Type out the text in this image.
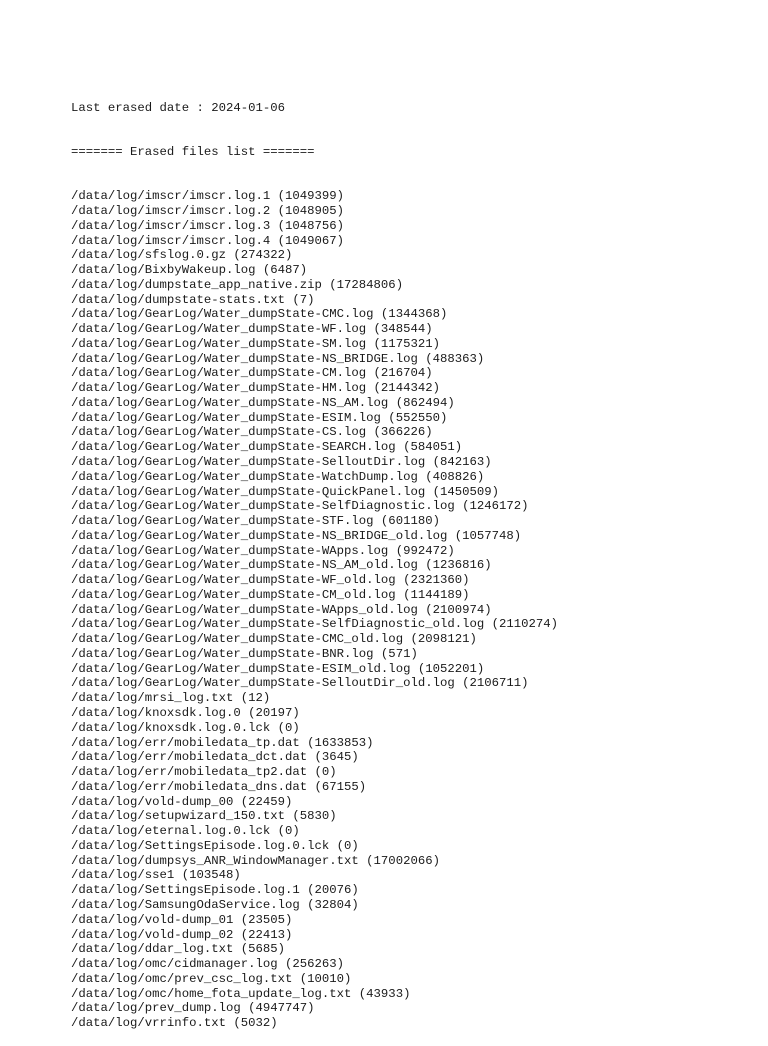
Last erased date : 2024-01-06

======= Erased files list =======

/data/log/imscr/imscr.log.1 (1049399)
/data/log/imscr/imscr.log.2 (1048905)
/data/log/imscr/imscr.log.3 (1048756)
/data/log/imscr/imscr.log.4 (1049067)
/data/log/sfslog.0.gz (274322)
/data/log/BixbyWakeup.log (6487)
/data/log/dumpstate_app_native.zip (17284806)
/data/log/dumpstate-stats.txt (7)
/data/log/GearLog/Water_dumpState-CMC.log (1344368)
/data/log/GearLog/Water_dumpState-WF.log (348544)
/data/log/GearLog/Water_dumpState-SM.log (1175321)
/data/log/GearLog/Water_dumpState-NS_BRIDGE.log (488363)
/data/log/GearLog/Water_dumpState-CM.log (216704)
/data/log/GearLog/Water_dumpState-HM.log (2144342)
/data/log/GearLog/Water_dumpState-NS_AM.log (862494)
/data/log/GearLog/Water_dumpState-ESIM.log (552550)
/data/log/GearLog/Water_dumpState-CS.log (366226)
/data/log/GearLog/Water_dumpState-SEARCH.log (584051)
/data/log/GearLog/Water_dumpState-SelloutDir.log (842163)
/data/log/GearLog/Water_dumpState-WatchDump.log (408826)
/data/log/GearLog/Water_dumpState-QuickPanel.log (1450509)
/data/log/GearLog/Water_dumpState-SelfDiagnostic.log (1246172)
/data/log/GearLog/Water_dumpState-STF.log (601180)
/data/log/GearLog/Water_dumpState-NS_BRIDGE_old.log (1057748)
/data/log/GearLog/Water_dumpState-WApps.log (992472)
/data/log/GearLog/Water_dumpState-NS_AM_old.log (1236816)
/data/log/GearLog/Water_dumpState-WF_old.log (2321360)
/data/log/GearLog/Water_dumpState-CM_old.log (1144189)
/data/log/GearLog/Water_dumpState-WApps_old.log (2100974)
/data/log/GearLog/Water_dumpState-SelfDiagnostic_old.log (2110274)
/data/log/GearLog/Water_dumpState-CMC_old.log (2098121)
/data/log/GearLog/Water_dumpState-BNR.log (571)
/data/log/GearLog/Water_dumpState-ESIM_old.log (1052201)
/data/log/GearLog/Water_dumpState-SelloutDir_old.log (2106711)
/data/log/mrsi_log.txt (12)
/data/log/knoxsdk.log.0 (20197)
/data/log/knoxsdk.log.0.lck (0)
/data/log/err/mobiledata_tp.dat (1633853)
/data/log/err/mobiledata_dct.dat (3645)
/data/log/err/mobiledata_tp2.dat (0)
/data/log/err/mobiledata_dns.dat (67155)
/data/log/vold-dump_00 (22459)
/data/log/setupwizard_150.txt (5830)
/data/log/eternal.log.0.lck (0)
/data/log/SettingsEpisode.log.0.lck (0)
/data/log/dumpsys_ANR_WindowManager.txt (17002066)
/data/log/sse1 (103548)
/data/log/SettingsEpisode.log.1 (20076)
/data/log/SamsungOdaService.log (32804)
/data/log/vold-dump_01 (23505)
/data/log/vold-dump_02 (22413)
/data/log/ddar_log.txt (5685)
/data/log/omc/cidmanager.log (256263)
/data/log/omc/prev_csc_log.txt (10010)
/data/log/omc/home_fota_update_log.txt (43933)
/data/log/prev_dump.log (4947747)
/data/log/vrrinfo.txt (5032)
